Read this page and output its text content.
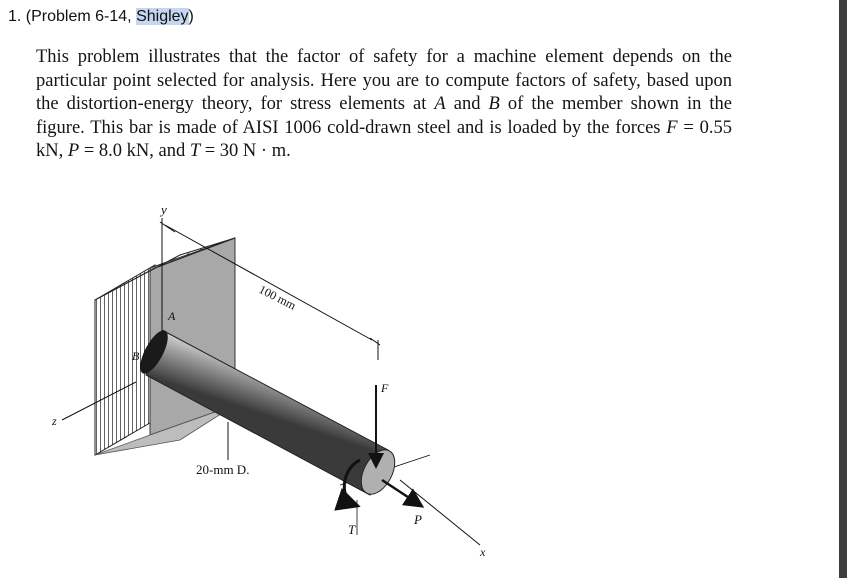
1. (Problem 6-14, Shigley)
This problem illustrates that the factor of safety for a machine element depends on the particular point selected for analysis. Here you are to compute factors of safety, based upon the distortion-energy theory, for stress elements at A and B of the member shown in the figure. This bar is made of AISI 1006 cold-drawn steel and is loaded by the forces F = 0.55 kN, P = 8.0 kN, and T = 30 N · m.
y
z
x
A
B
F
T
P
100 mm
20-mm D.
